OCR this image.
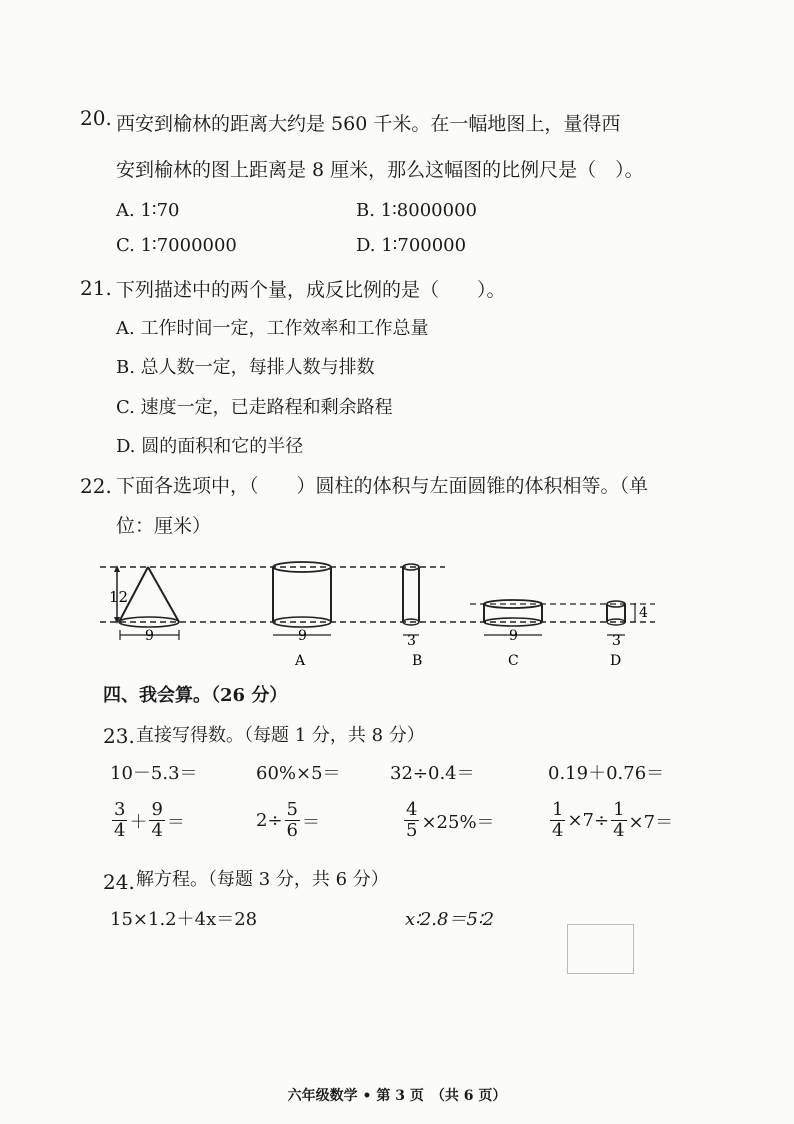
20. 西安到榆林的距离大约是 560 千米。在一幅地图上，量得西
安到榆林的图上距离是 8 厘米，那么这幅图的比例尺是（　）。
A. 1∶70	B. 1∶8000000
C. 1∶7000000	D. 1∶700000
21. 下列描述中的两个量，成反比例的是（　　）。
A. 工作时间一定，工作效率和工作总量
B. 总人数一定，每排人数与排数
C. 速度一定，已走路程和剩余路程
D. 圆的面积和它的半径
22. 下面各选项中，（　　）圆柱的体积与左面圆锥的体积相等。（单
位：厘米）
12
9	9
A
3
B
9
C
4
3
D
四、我会算。（26 分）
23. 直接写得数。（每题 1 分，共 8 分）
10－5.3＝	60%×5＝	32÷0.4＝	0.19＋0.76＝
$\frac{3}{4} + \frac{9}{4}$ ＝	$2\div \frac{5}{6}$ ＝	$\frac{4}{5} \times 25\%=$	$\frac{1}{4} \times 7\div \frac{1}{4} \times 7=$
24. 解方程。（每题 3 分，共 6 分）
15×1.2＋4x＝28	x∶2.8＝5∶2
六年级数学 • 第 3 页　（共 6 页）
